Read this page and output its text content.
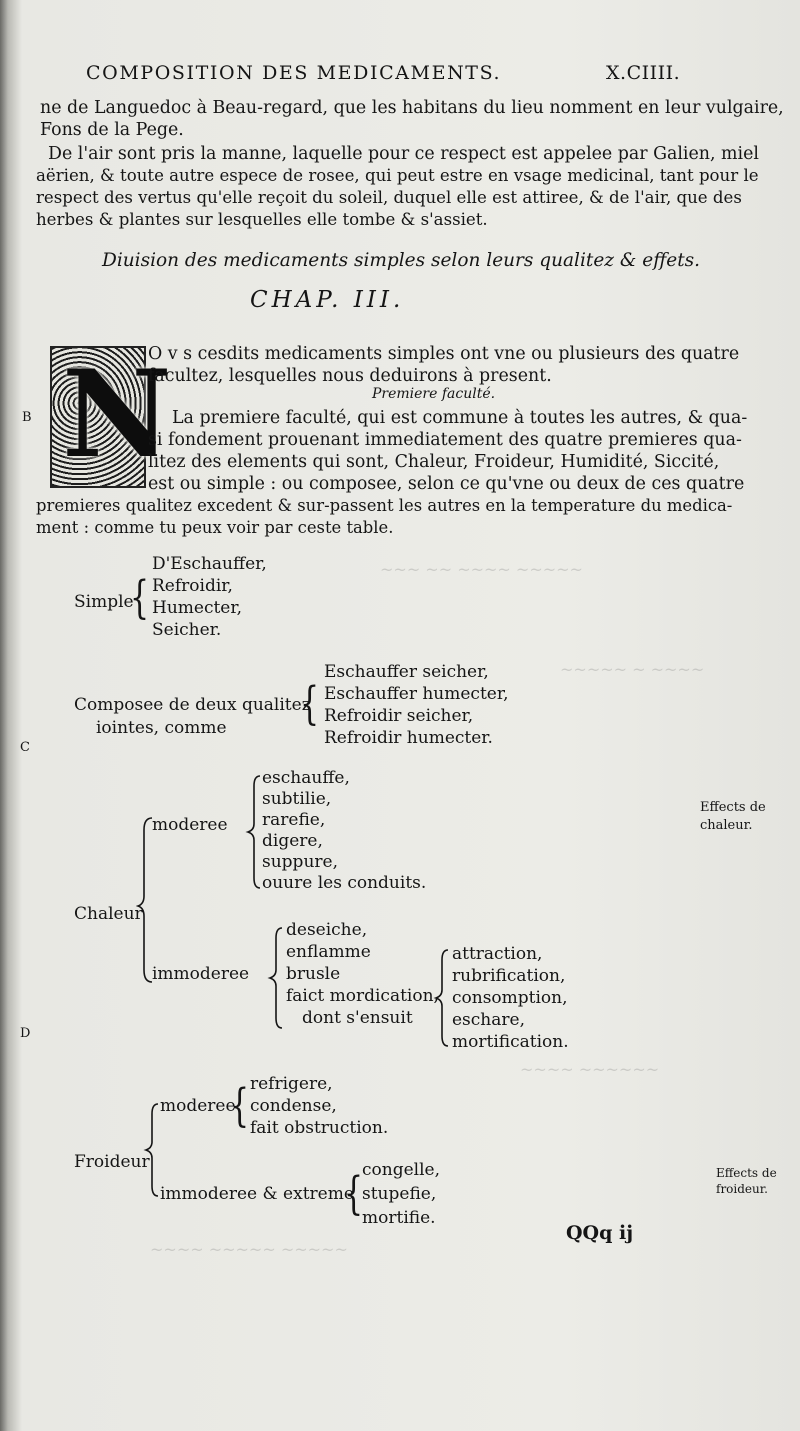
~~~ ~~ ~~~~ ~~~~~
~~~~~ ~ ~~~~
~~~~ ~~~~~~
~~~~ ~~~~~ ~~~~~
COMPOSITION DES MEDICAMENTS.	X.CIIII.
ne de Languedoc à Beau-regard, que les habitans du lieu nomment en leur vulgaire,
Fons de la Pege.
De l'air sont pris la manne, laquelle pour ce respect est appelee par Galien, miel
aërien, & toute autre espece de rosee, qui peut estre en vsage medicinal, tant pour le
respect des vertus qu'elle reçoit du soleil, duquel elle est attiree, & de l'air, que des
herbes & plantes sur lesquelles elle tombe & s'assiet.
Diuision des medicaments simples selon leurs qualitez & effets.
CHAP. III.
N
O v s cesdits medicaments simples ont vne ou plusieurs des quatre
facultez, lesquelles nous deduirons à present.
Premiere faculté.
La premiere faculté, qui est commune à toutes les autres, & qua-
si fondement prouenant immediatement des quatre premieres qua-
litez des elements qui sont, Chaleur, Froideur, Humidité, Siccité,
est ou simple : ou composee, selon ce qu'vne ou deux de ces quatre
premieres qualitez excedent & sur-passent les autres en la temperature du medica-
ment : comme tu peux voir par ceste table.
Simple
{
D'Eschauffer,
Refroidir,
Humecter,
Seicher.
Composee de deux qualitez
iointes, comme {
Eschauffer seicher,
Eschauffer humecter,
Refroidir seicher,
Refroidir humecter.
Chaleur
moderee
eschauffe,
subtilie,
rarefie,
digere,
suppure,
ouure les conduits.
immoderee
deseiche,
enflamme
brusle
faict mordication,
dont s'ensuit
attraction,
rubrification,
consomption,
eschare,
mortification.
Froideur
moderee
{ refrigere,
condense,
fait obstruction.
immoderee & extreme
{
congelle,
stupefie,
mortifie.
Effects de
chaleur.
Effects de
froideur.
B
C
D
QQq ij
